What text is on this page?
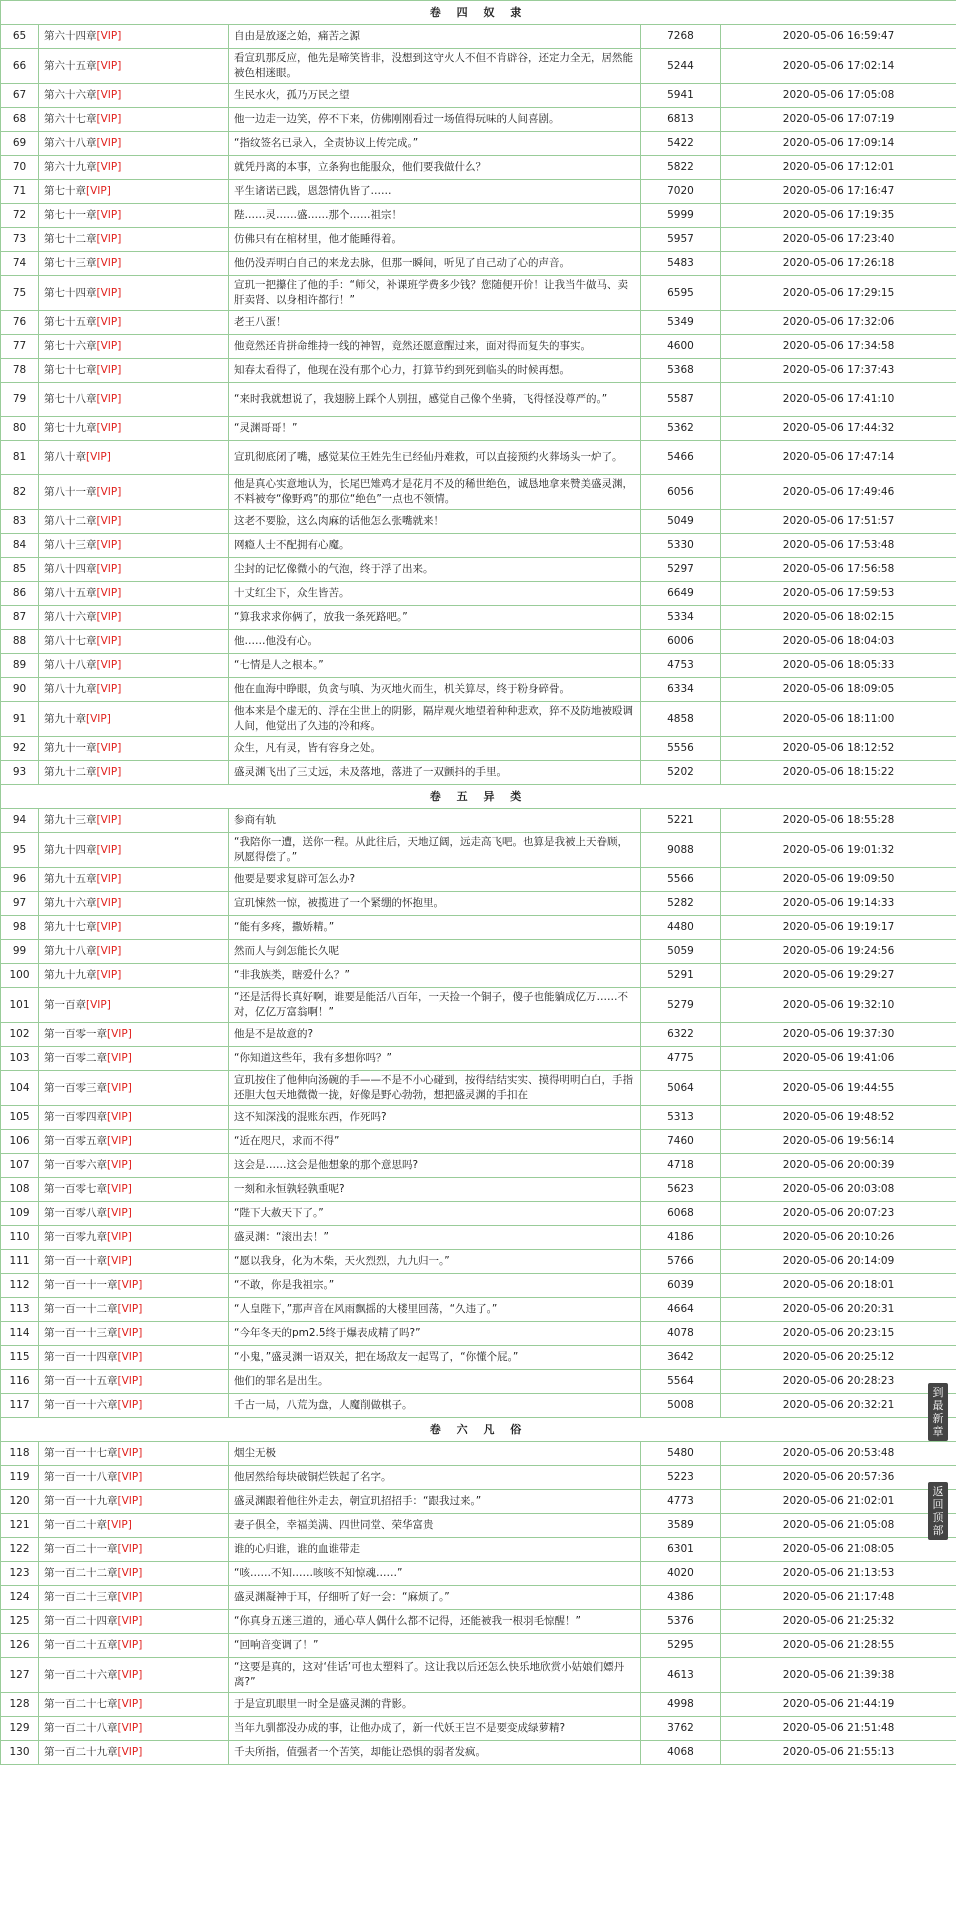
卷 四 奴 隶				
65	第六十四章[VIP]	自由是放逐之始，痛苦之源	7268	2020-05-06 16:59:47
66	第六十五章[VIP]	看宣玑那反应，他先是啼笑皆非，没想到这守火人不但不肯辟谷，还定力全无，居然能被色相迷眼。	5244	2020-05-06 17:02:14
67	第六十六章[VIP]	生民水火，孤乃万民之望	5941	2020-05-06 17:05:08
68	第六十七章[VIP]	他一边走一边笑，停不下来，仿佛刚刚看过一场值得玩味的人间喜剧。	6813	2020-05-06 17:07:19
69	第六十八章[VIP]	“指纹签名已录入，全责协议上传完成。”	5422	2020-05-06 17:09:14
70	第六十九章[VIP]	就凭丹离的本事，立条狗也能服众，他们要我做什么？	5822	2020-05-06 17:12:01
71	第七十章[VIP]	平生诸诺已践，恩怨情仇皆了……	7020	2020-05-06 17:16:47
72	第七十一章[VIP]	陛……灵……盛……那个……祖宗！	5999	2020-05-06 17:19:35
73	第七十二章[VIP]	仿佛只有在棺材里，他才能睡得着。	5957	2020-05-06 17:23:40
74	第七十三章[VIP]	他仍没弄明白自己的来龙去脉，但那一瞬间，听见了自己动了心的声音。	5483	2020-05-06 17:26:18
75	第七十四章[VIP]	宣玑一把攥住了他的手：“师父，补课班学费多少钱？您随便开价！让我当牛做马、卖肝卖肾、以身相许都行！”	6595	2020-05-06 17:29:15
76	第七十五章[VIP]	老王八蛋！	5349	2020-05-06 17:32:06
77	第七十六章[VIP]	他竟然还肯拼命维持一线的神智，竟然还愿意醒过来，面对得而复失的事实。	4600	2020-05-06 17:34:58
78	第七十七章[VIP]	知春太看得了，他现在没有那个心力，打算节约到死到临头的时候再想。	5368	2020-05-06 17:37:43
79	第七十八章[VIP]	“来时我就想说了，我翅膀上踩个人别扭，感觉自己像个坐骑，飞得怪没尊严的。”	5587	2020-05-06 17:41:10
80	第七十九章[VIP]	“灵渊哥哥！”	5362	2020-05-06 17:44:32
81	第八十章[VIP]	宣玑彻底闭了嘴，感觉某位王姓先生已经仙丹难救，可以直接预约火葬场头一炉了。	5466	2020-05-06 17:47:14
82	第八十一章[VIP]	他是真心实意地认为，长尾巴雉鸡才是花月不及的稀世绝色，诚恳地拿来赞美盛灵渊，不料被夸“像野鸡”的那位“绝色”一点也不领情。	6056	2020-05-06 17:49:46
83	第八十二章[VIP]	这老不要脸，这么肉麻的话他怎么张嘴就来！	5049	2020-05-06 17:51:57
84	第八十三章[VIP]	网瘾人士不配拥有心魔。	5330	2020-05-06 17:53:48
85	第八十四章[VIP]	尘封的记忆像微小的气泡，终于浮了出来。	5297	2020-05-06 17:56:58
86	第八十五章[VIP]	十丈红尘下，众生皆苦。	6649	2020-05-06 17:59:53
87	第八十六章[VIP]	“算我求求你俩了，放我一条死路吧。”	5334	2020-05-06 18:02:15
88	第八十七章[VIP]	他……他没有心。	6006	2020-05-06 18:04:03
89	第八十八章[VIP]	“七情是人之根本。”	4753	2020-05-06 18:05:33
90	第八十九章[VIP]	他在血海中睁眼，负贪与嗔、为灭地火而生，机关算尽，终于粉身碎骨。	6334	2020-05-06 18:09:05
91	第九十章[VIP]	他本来是个虚无的、浮在尘世上的阴影，隔岸观火地望着种种悲欢，猝不及防地被殴调人间，他觉出了久违的冷和疼。	4858	2020-05-06 18:11:00
92	第九十一章[VIP]	众生，凡有灵，皆有容身之处。	5556	2020-05-06 18:12:52
93	第九十二章[VIP]	盛灵渊飞出了三丈远，未及落地，落进了一双颤抖的手里。	5202	2020-05-06 18:15:22
卷 五 异 类				
94	第九十三章[VIP]	参商有轨	5221	2020-05-06 18:55:28
95	第九十四章[VIP]	“我陪你一遭，送你一程。从此往后，天地辽阔，远走高飞吧。也算是我被上天眷顾，夙愿得偿了。”	9088	2020-05-06 19:01:32
96	第九十五章[VIP]	他要是要求复辟可怎么办?	5566	2020-05-06 19:09:50
97	第九十六章[VIP]	宣玑悚然一惊，被揽进了一个紧绷的怀抱里。	5282	2020-05-06 19:14:33
98	第九十七章[VIP]	“能有多疼，撒娇精。”	4480	2020-05-06 19:19:17
99	第九十八章[VIP]	然而人与剑怎能长久呢	5059	2020-05-06 19:24:56
100	第九十九章[VIP]	“非我族类，瞎爱什么？”	5291	2020-05-06 19:29:27
101	第一百章[VIP]	“还是活得长真好啊，谁要是能活八百年，一天捡一个铜子，傻子也能躺成亿万……不对，亿亿万富翁啊！”	5279	2020-05-06 19:32:10
102	第一百零一章[VIP]	他是不是故意的?	6322	2020-05-06 19:37:30
103	第一百零二章[VIP]	“你知道这些年，我有多想你吗？”	4775	2020-05-06 19:41:06
104	第一百零三章[VIP]	宣玑按住了他伸向汤碗的手——不是不小心碰到，按得结结实实、摸得明明白白，手指还胆大包天地微微一拢，好像是野心勃勃，想把盛灵渊的手扣在	5064	2020-05-06 19:44:55
105	第一百零四章[VIP]	这不知深浅的混账东西，作死吗?	5313	2020-05-06 19:48:52
106	第一百零五章[VIP]	“近在咫尺，求而不得”	7460	2020-05-06 19:56:14
107	第一百零六章[VIP]	这会是……这会是他想象的那个意思吗?	4718	2020-05-06 20:00:39
108	第一百零七章[VIP]	一刻和永恒孰轻孰重呢?	5623	2020-05-06 20:03:08
109	第一百零八章[VIP]	“陛下大赦天下了。”	6068	2020-05-06 20:07:23
110	第一百零九章[VIP]	盛灵渊：“滚出去！”	4186	2020-05-06 20:10:26
111	第一百一十章[VIP]	“愿以我身，化为木柴，天火烈烈，九九归一。”	5766	2020-05-06 20:14:09
112	第一百一十一章[VIP]	“不敢，你是我祖宗。”	6039	2020-05-06 20:18:01
113	第一百一十二章[VIP]	“人皇陛下，”那声音在风雨飘摇的大楼里回荡，“久违了。”	4664	2020-05-06 20:20:31
114	第一百一十三章[VIP]	“今年冬天的pm2.5终于爆表成精了吗?”	4078	2020-05-06 20:23:15
115	第一百一十四章[VIP]	“小鬼，”盛灵渊一语双关，把在场敌友一起骂了，“你懂个屁。”	3642	2020-05-06 20:25:12
116	第一百一十五章[VIP]	他们的罪名是出生。	5564	2020-05-06 20:28:23
117	第一百一十六章[VIP]	千古一局，八荒为盘，人魔削做棋子。	5008	2020-05-06 20:32:21
卷 六 凡 俗				
118	第一百一十七章[VIP]	烟尘无极	5480	2020-05-06 20:53:48
119	第一百一十八章[VIP]	他居然给每块破铜烂铁起了名字。	5223	2020-05-06 20:57:36
120	第一百一十九章[VIP]	盛灵渊跟着他往外走去，朝宣玑招招手：“跟我过来。”	4773	2020-05-06 21:02:01
121	第一百二十章[VIP]	妻子俱全，幸福美满、四世同堂、荣华富贵	3589	2020-05-06 21:05:08
122	第一百二十一章[VIP]	谁的心归谁，谁的血谁带走	6301	2020-05-06 21:08:05
123	第一百二十二章[VIP]	“咳……不知……咳咳不知惊魂……”	4020	2020-05-06 21:13:53
124	第一百二十三章[VIP]	盛灵渊凝神于耳，仔细听了好一会：“麻烦了。”	4386	2020-05-06 21:17:48
125	第一百二十四章[VIP]	“你真身五迷三道的，通心草人偶什么都不记得，还能被我一根羽毛惊醒！”	5376	2020-05-06 21:25:32
126	第一百二十五章[VIP]	“回响音变调了！”	5295	2020-05-06 21:28:55
127	第一百二十六章[VIP]	“这要是真的，这对‘佳话’可也太塑料了。这让我以后还怎么快乐地欣赏小姑娘们嫖丹离?”	4613	2020-05-06 21:39:38
128	第一百二十七章[VIP]	于是宣玑眼里一时全是盛灵渊的背影。	4998	2020-05-06 21:44:19
129	第一百二十八章[VIP]	当年九驯都没办成的事，让他办成了，新一代妖王岂不是要变成绿萝精?	3762	2020-05-06 21:51:48
130	第一百二十九章[VIP]	千夫所指，值强者一个苦笑，却能让恐惧的弱者发疯。	4068	2020-05-06 21:55:13
到最新章
返回顶部
